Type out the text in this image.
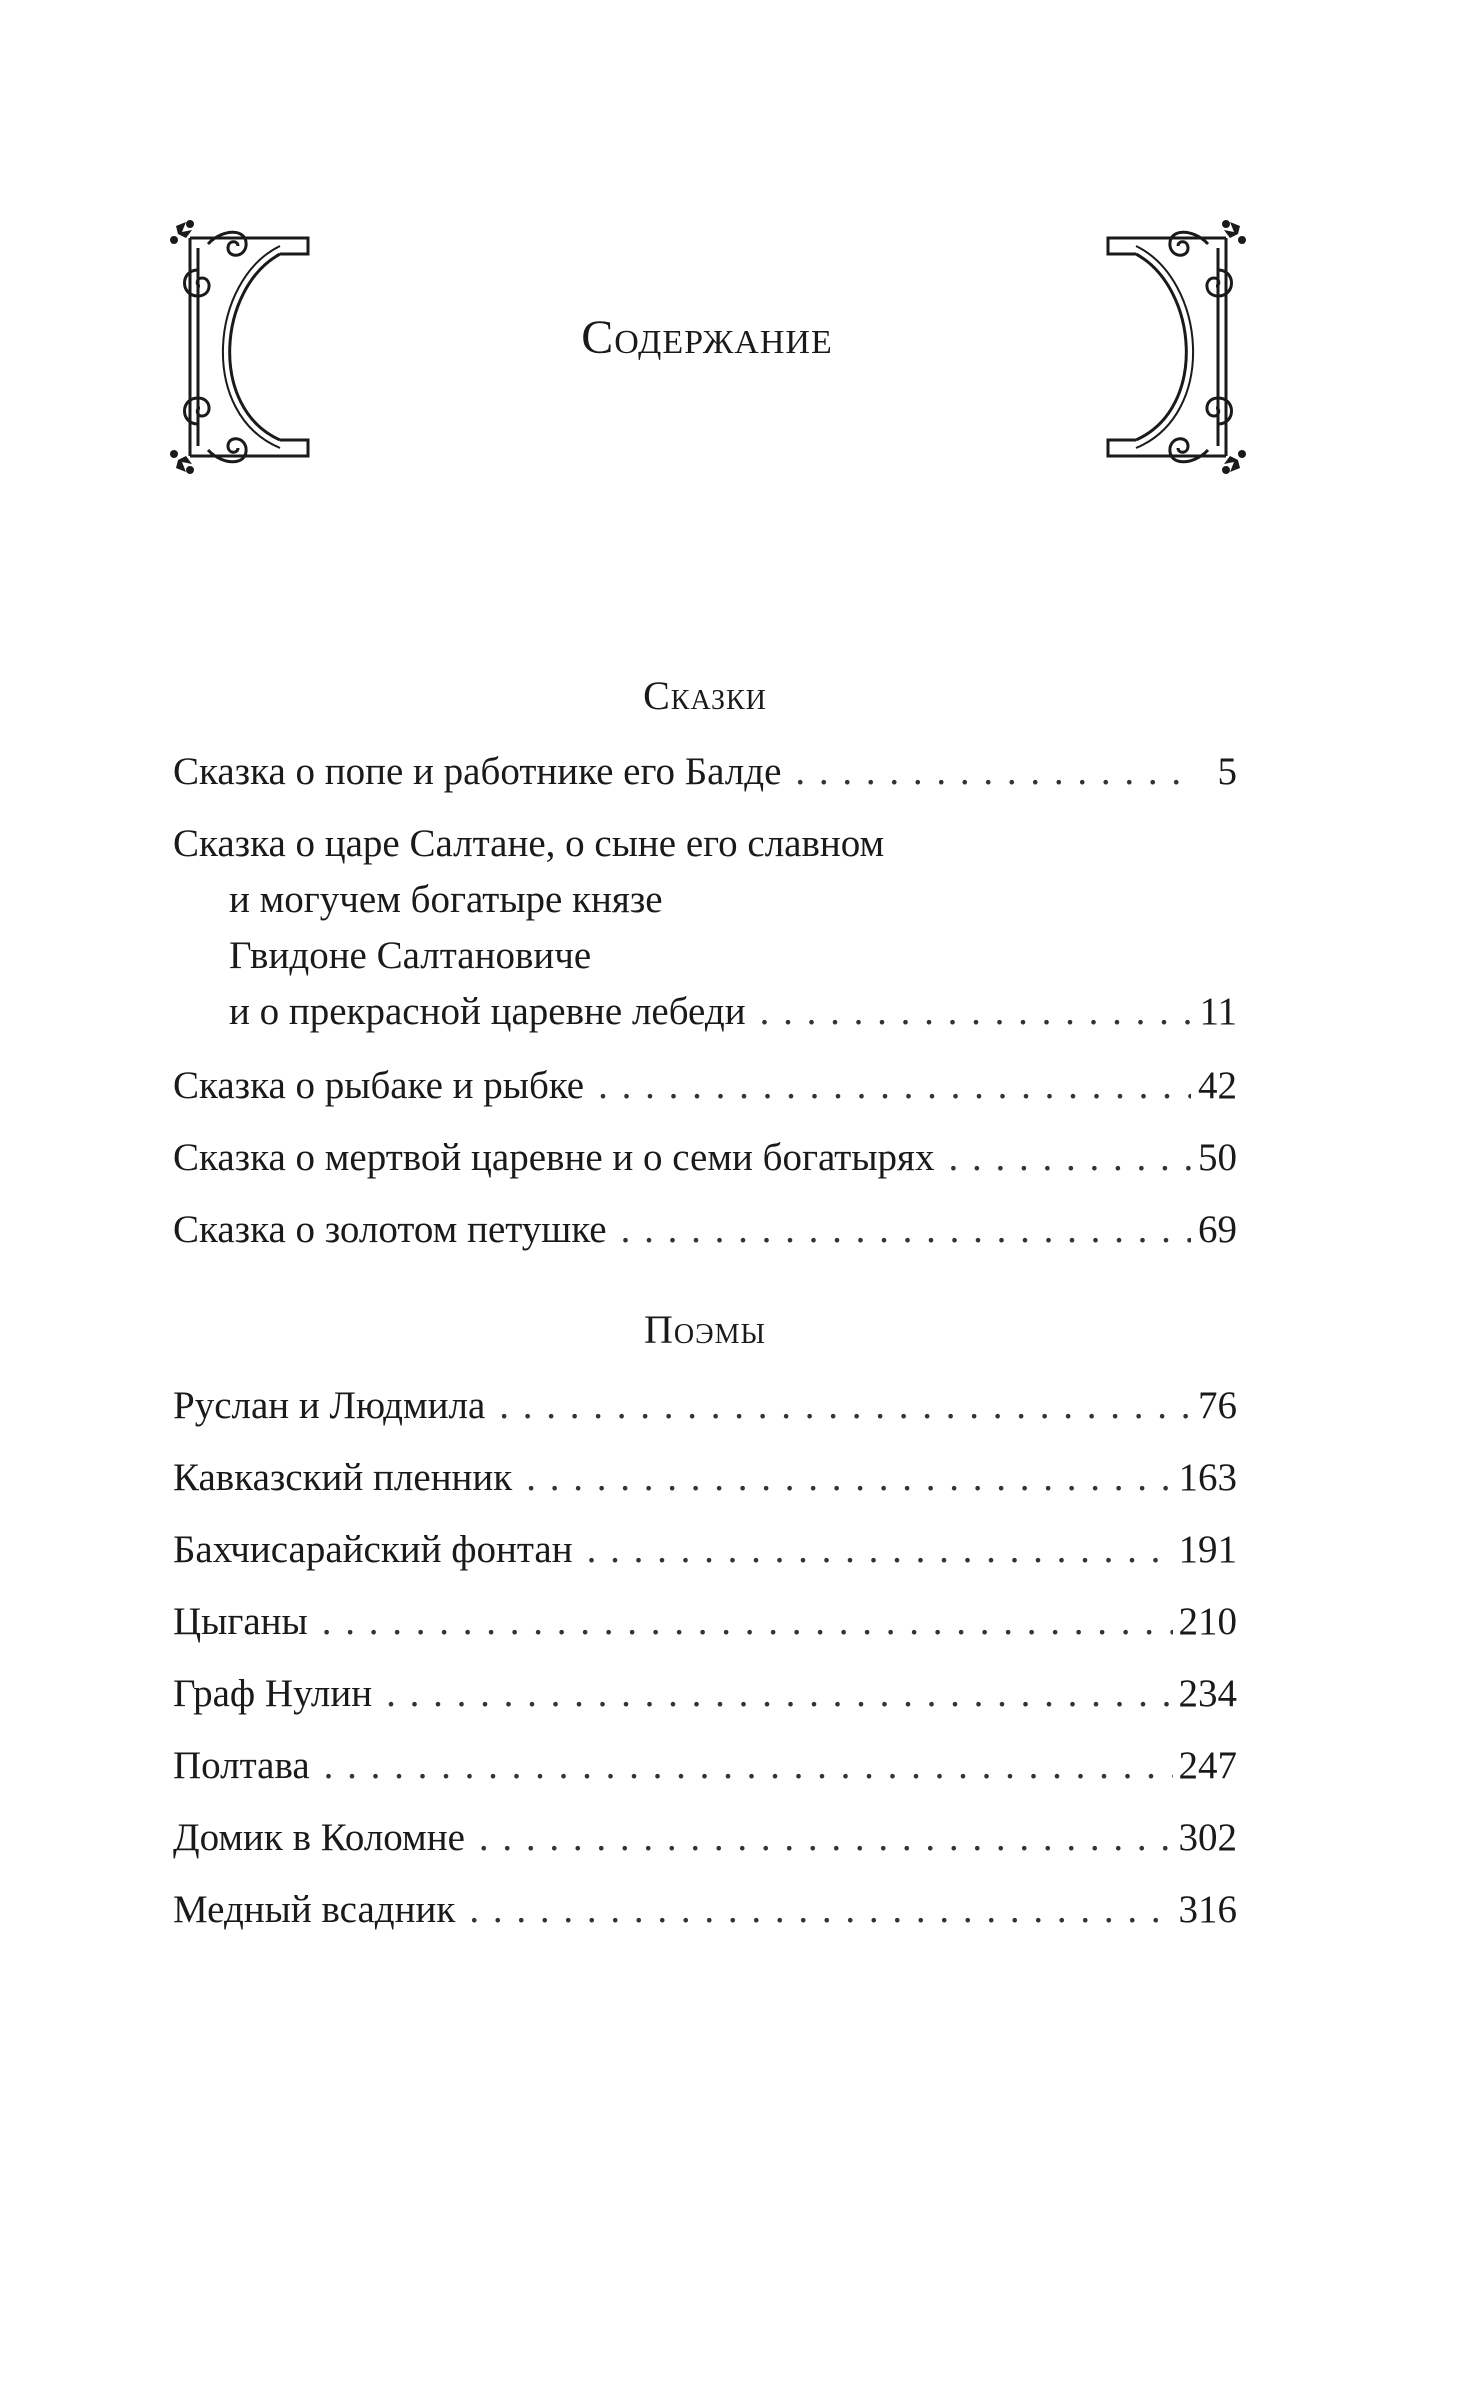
Содержание
Сказки
Сказка о попе и работнике его Балде . . .	5
Сказка о царе Салтане, о сыне его славном
и могучем богатыре князе
Гвидоне Салтановиче
и о прекрасной царевне лебеди . . .	11
Сказка о рыбаке и рыбке . . .	42
Сказка о мертвой царевне и о семи богатырях . . .	50
Сказка о золотом петушке . . .	69
Поэмы
Руслан и Людмила . . .	76
Кавказский пленник . . .	163
Бахчисарайский фонтан . . .	191
Цыганы . . .	210
Граф Нулин . . .	234
Полтава . . .	247
Домик в Коломне . . .	302
Медный всадник . . .	316
